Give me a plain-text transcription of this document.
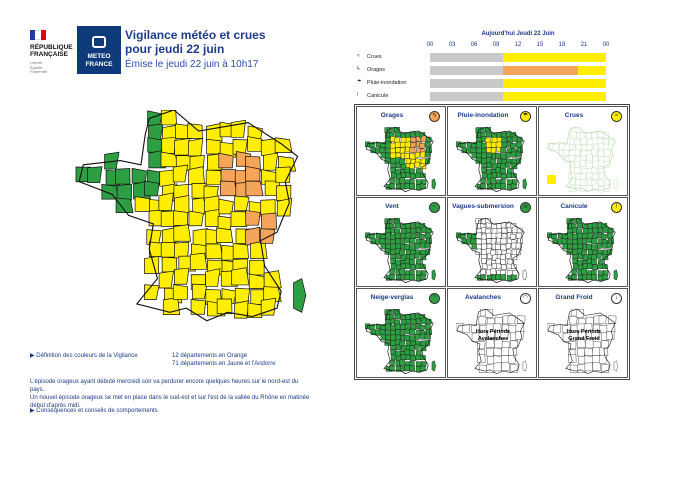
RÉPUBLIQUE
FRANÇAISE
Liberté
Égalité
Fraternité
METEO
FRANCE
Vigilance météo et crues
pour jeudi 22 juin
Émise le jeudi 22 juin à 10h17
▶ Définition des couleurs de la Vigilance	12 départements en Orange
71 départements en Jaune et l'Andorre
L'épisode orageux ayant débuté mercredi soir va perdurer encore quelques heures sur le nord-est du pays.
Un nouvel épisode orageux se met en place dans le sud-est et sur l'est de la vallée du Rhône en matinée début d'après midi.
▶ Conséquences et conseils de comportements
Aujourd'hui Jeudi 22 Juin
00	03	06	09	12	15	18	21	00
≈ Crues
ϟ Orages
☂ Pluie-inondation
! Canicule
Orages	ϟ	Pluie-inondation	☂	Crues	≈
Vent	~	Vagues-submersion	≋	Canicule	!
Neige-verglas	*	Avalanches	◠
Hors Période
Avalanches
Grand Froid	↓
Hors Période
Grand Froid
